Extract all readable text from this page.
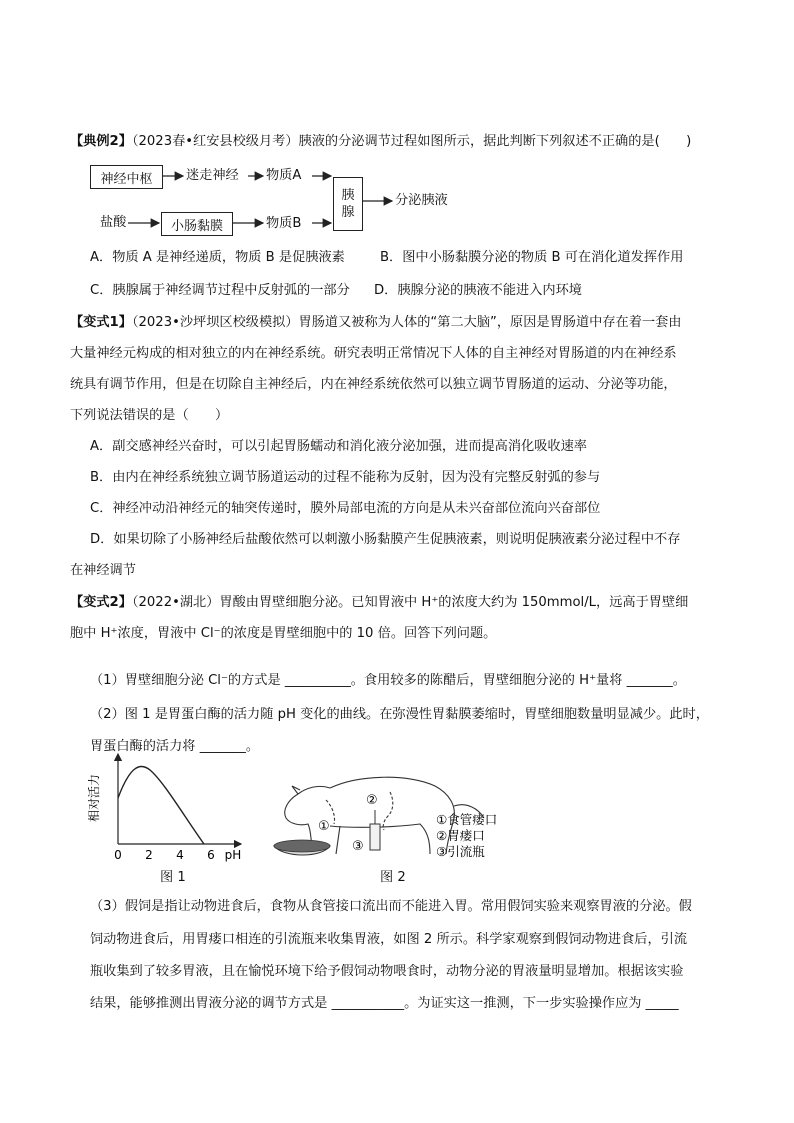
【典例2】（2023春•红安县校级月考）胰液的分泌调节过程如图所示，据此判断下列叙述不正确的是(　　)
神经中枢	迷走神经 物质A
盐酸	小肠黏膜	物质B
胰
腺
分泌胰液
A．物质 A 是神经递质，物质 B 是促胰液素	B．图中小肠黏膜分泌的物质 B 可在消化道发挥作用
C．胰腺属于神经调节过程中反射弧的一部分 D．胰腺分泌的胰液不能进入内环境
【变式1】（2023•沙坪坝区校级模拟）胃肠道又被称为人体的“第二大脑”，原因是胃肠道中存在着一套由
大量神经元构成的相对独立的内在神经系统。研究表明正常情况下人体的自主神经对胃肠道的内在神经系
统具有调节作用，但是在切除自主神经后，内在神经系统依然可以独立调节胃肠道的运动、分泌等功能，
下列说法错误的是（　　）
A．副交感神经兴奋时，可以引起胃肠蠕动和消化液分泌加强，进而提高消化吸收速率
B．由内在神经系统独立调节肠道运动的过程不能称为反射，因为没有完整反射弧的参与
C．神经冲动沿神经元的轴突传递时，膜外局部电流的方向是从未兴奋部位流向兴奋部位
D．如果切除了小肠神经后盐酸依然可以刺激小肠黏膜产生促胰液素，则说明促胰液素分泌过程中不存
在神经调节
【变式2】（2022•湖北）胃酸由胃壁细胞分泌。已知胃液中 H⁺的浓度大约为 150mmol/L，远高于胃壁细
胞中 H⁺浓度，胃液中 Cl⁻的浓度是胃壁细胞中的 10 倍。回答下列问题。
（1）胃壁细胞分泌 Cl⁻的方式是 __________。食用较多的陈醋后，胃壁细胞分泌的 H⁺量将 _______。
（2）图 1 是胃蛋白酶的活力随 pH 变化的曲线。在弥漫性胃黏膜萎缩时，胃壁细胞数量明显减少。此时，
胃蛋白酶的活力将 _______。
相对活力
0 2 4 6 pH
图 1
①
②
③
①食管瘘口
②胃瘘口
③引流瓶
图 2
（3）假饲是指让动物进食后，食物从食管接口流出而不能进入胃。常用假饲实验来观察胃液的分泌。假
饲动物进食后，用胃瘘口相连的引流瓶来收集胃液，如图 2 所示。科学家观察到假饲动物进食后，引流
瓶收集到了较多胃液，且在愉悦环境下给予假饲动物喂食时，动物分泌的胃液量明显增加。根据该实验
结果，能够推测出胃液分泌的调节方式是 ___________。为证实这一推测，下一步实验操作应为 _____
